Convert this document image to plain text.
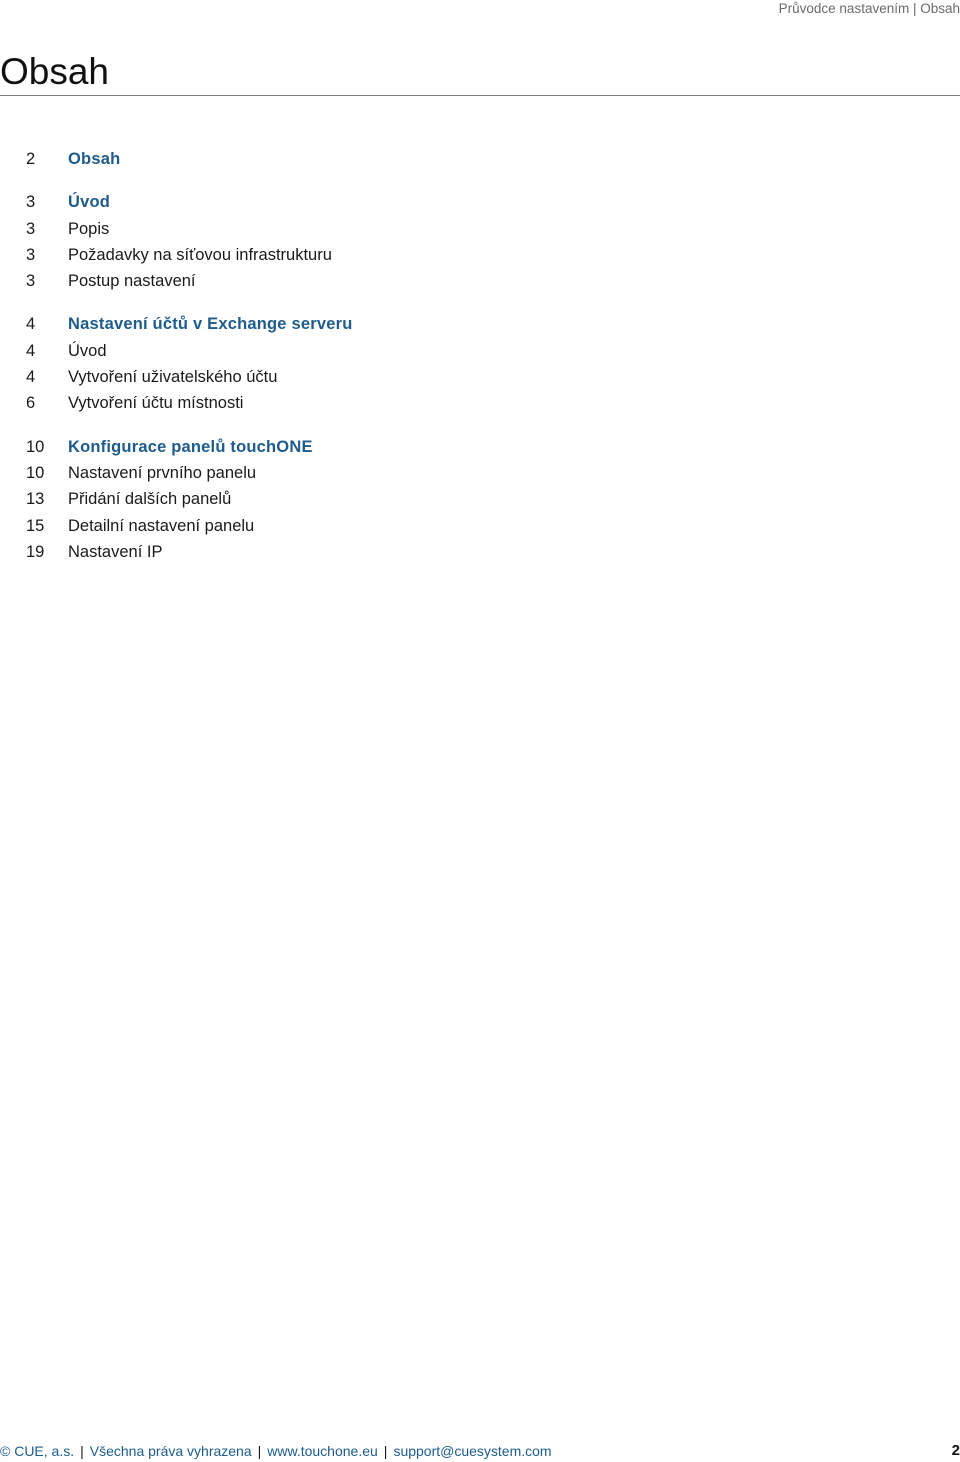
Průvodce nastavením | Obsah
Obsah
2	Obsah
3	Úvod
3	Popis
3	Požadavky na síťovou infrastrukturu
3	Postup nastavení
4	Nastavení účtů v Exchange serveru
4	Úvod
4	Vytvoření uživatelského účtu
6	Vytvoření účtu místnosti
10	Konfigurace panelů touchONE
10	Nastavení prvního panelu
13	Přidání dalších panelů
15	Detailní nastavení panelu
19	Nastavení IP
© CUE, a.s. | Všechna práva vyhrazena | www.touchone.eu | support@cuesystem.com	2
